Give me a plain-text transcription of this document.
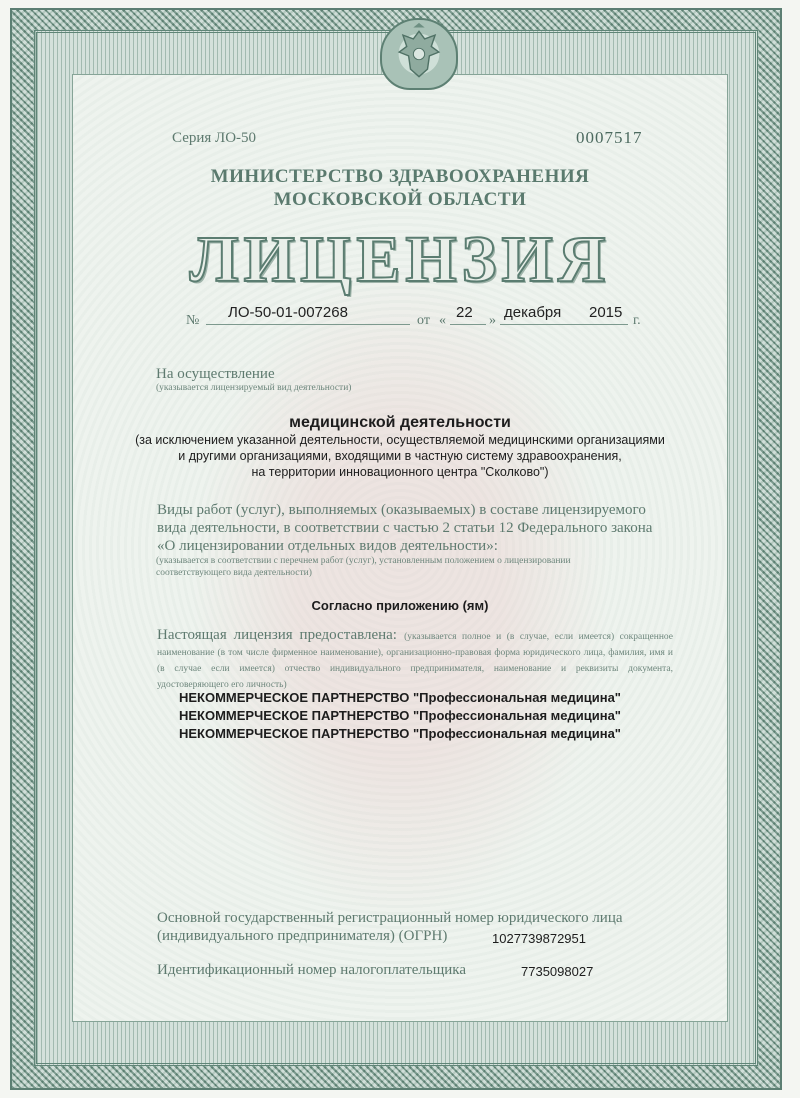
Серия ЛО-50	0007517
МИНИСТЕРСТВО ЗДРАВООХРАНЕНИЯ
МОСКОВСКОЙ ОБЛАСТИ
ЛИЦЕНЗИЯ
№ ЛО-50-01-007268	от « 22 » декабря 2015 г.
На осуществление
(указывается лицензируемый вид деятельности)
медицинской деятельности
(за исключением указанной деятельности, осуществляемой медицинскими организациями
и другими организациями, входящими в частную систему здравоохранения,
на территории инновационного центра "Сколково")
Виды работ (услуг), выполняемых (оказываемых) в составе лицензируемого
вида деятельности, в соответствии с частью 2 статьи 12 Федерального закона
«О лицензировании отдельных видов деятельности»:
(указывается в соответствии с перечнем работ (услуг), установленным положением о лицензировании
соответствующего вида деятельности)
Согласно приложению (ям)
Настоящая лицензия предоставлена: (указывается полное и (в случае, если имеется) сокращенное наименование (в том числе фирменное наименование), организационно-правовая форма юридического лица, фамилия, имя и (в случае если имеется) отчество индивидуального предпринимателя, наименование и реквизиты документа, удостоверяющего его личность)
НЕКОММЕРЧЕСКОЕ ПАРТНЕРСТВО "Профессиональная медицина"
НЕКОММЕРЧЕСКОЕ ПАРТНЕРСТВО "Профессиональная медицина"
НЕКОММЕРЧЕСКОЕ ПАРТНЕРСТВО "Профессиональная медицина"
Основной государственный регистрационный номер юридического лица
(индивидуального предпринимателя) (ОГРН)	1027739872951
Идентификационный номер налогоплательщика	7735098027
